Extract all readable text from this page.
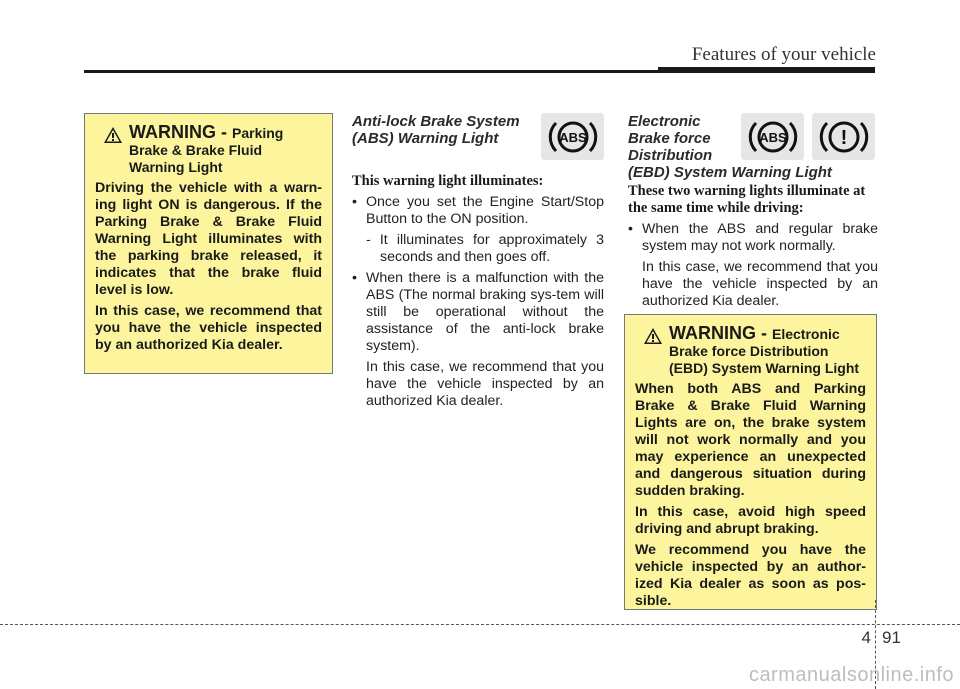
Features of your vehicle
WARNING - Parking
Brake & Brake Fluid
Warning Light

Driving the vehicle with a warn-ing light ON is dangerous. If the Parking Brake & Brake Fluid Warning Light illuminates with the parking brake released, it indicates that the brake fluid level is low.

In this case, we recommend that you have the vehicle inspected by an authorized Kia dealer.

Anti-lock Brake System
(ABS) Warning Light	ABS
This warning light illuminates:
• Once you set the Engine Start/Stop Button to the ON position.
- It illuminates for approximately 3 seconds and then goes off.
• When there is a malfunction with the ABS (The normal braking sys-tem will still be operational without the assistance of the anti-lock brake system).
In this case, we recommend that you have the vehicle inspected by an authorized Kia dealer.
Electronic
Brake force
Distribution
(EBD) System Warning Light
ABS	!
These two warning lights illuminate at the same time while driving:
• When the ABS and regular brake system may not work normally.
In this case, we recommend that you have the vehicle inspected by an authorized Kia dealer.
WARNING - Electronic
Brake force Distribution
(EBD) System Warning Light

When both ABS and Parking Brake & Brake Fluid Warning Lights are on, the brake system will not work normally and you may experience an unexpected and dangerous situation during sudden braking.

In this case, avoid high speed driving and abrupt braking.

We recommend you have the vehicle inspected by an author-ized Kia dealer as soon as pos-sible.

4 91
carmanualsonline.info
